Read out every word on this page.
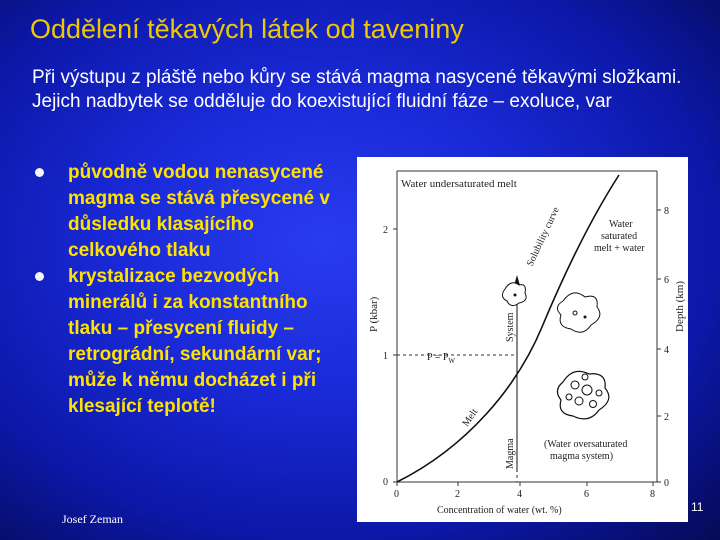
Oddělení těkavých látek od taveniny
Při výstupu z pláště nebo kůry se stává magma nasycené těkavými složkami. Jejich nadbytek se odděluje do koexistující fluidní fáze – exoluce, var
původně vodou nenasycené magma se stává přesycené v důsledku klasajícího celkového tlaku
krystalizace bezvodých minerálů i za konstantního tlaku – přesycení fluidy – retrográdní, sekundární var; může k němu docházet i při klesající teplotě!
0
1
2
P (kbar)
0
2
4
6
8
Depth (km)
0	2	4	6	8
Concentration of water (wt. %)
Water undersaturated melt
Solubility curve	Water
saturated
melt + water
(Water oversaturated
magma system)
System
$P = P_W$
Melt
Magma
Josef Zeman
11
